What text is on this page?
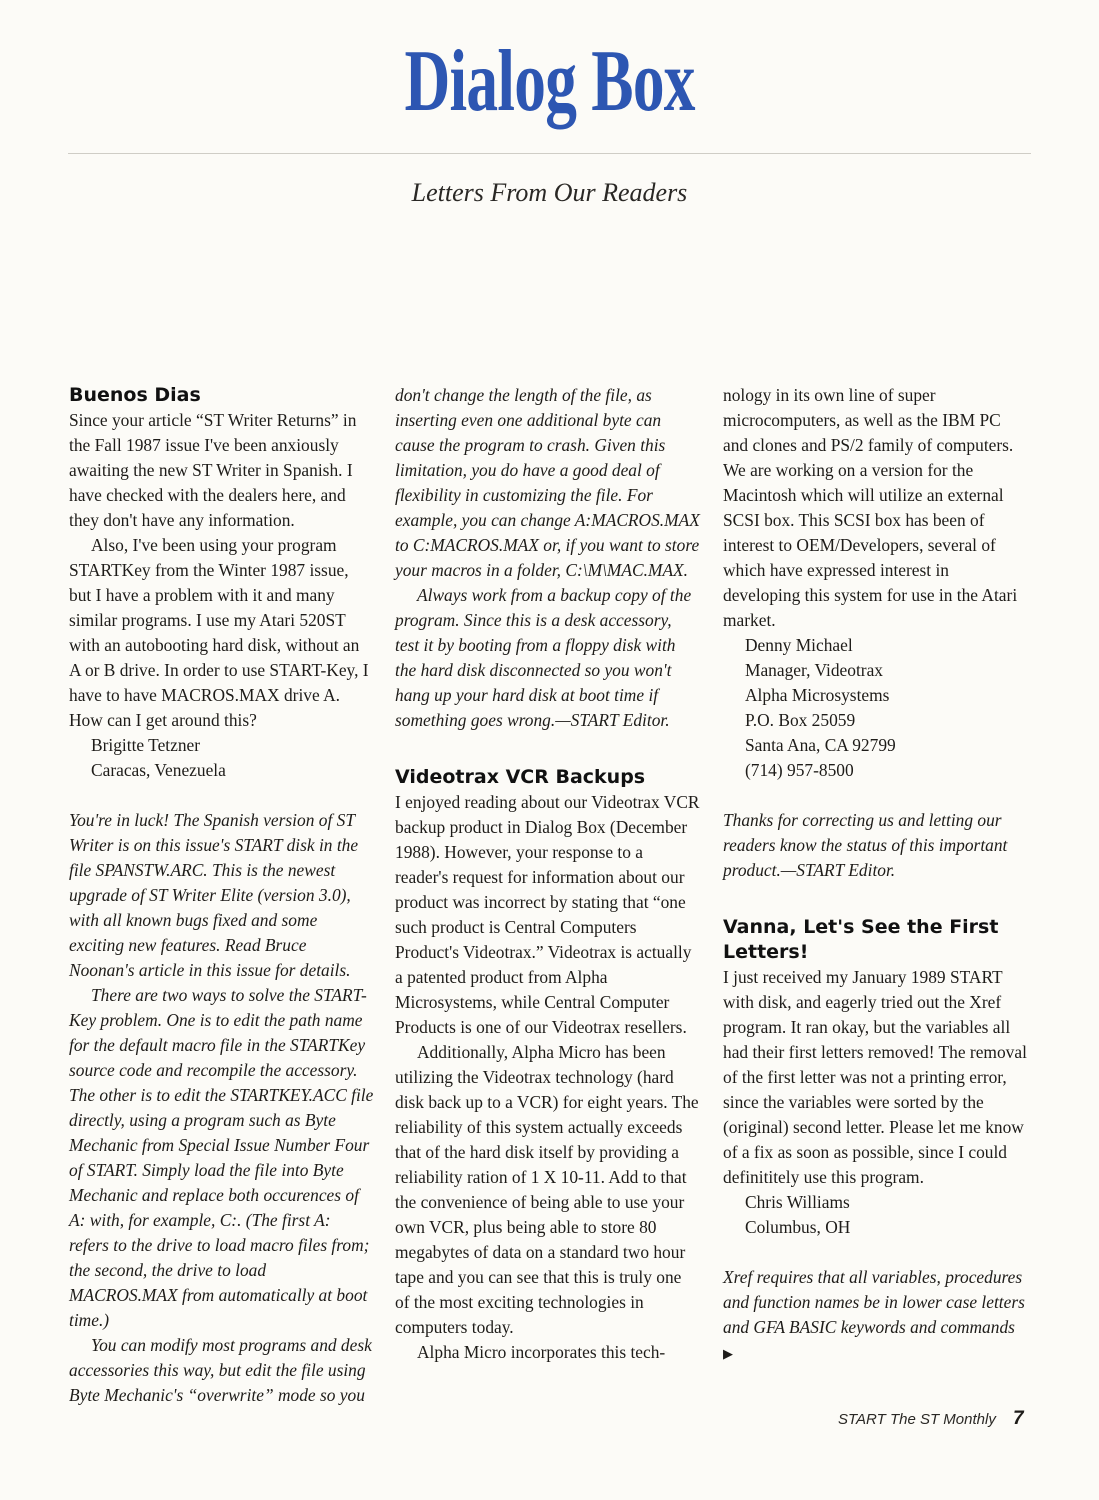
Dialog Box
Letters From Our Readers
Buenos Dias

Since your article “ST Writer Returns” in the Fall 1987 issue I've been anxiously awaiting the new ST Writer in Spanish. I have checked with the dealers here, and they don't have any information.

Also, I've been using your program STARTKey from the Winter 1987 issue, but I have a problem with it and many similar programs. I use my Atari 520ST with an autobooting hard disk, without an A or B drive. In order to use START-Key, I have to have MACROS.MAX drive A. How can I get around this?

Brigitte Tetzner
Caracas, Venezuela

You're in luck! The Spanish version of ST Writer is on this issue's START disk in the file SPANSTW.ARC. This is the newest upgrade of ST Writer Elite (version 3.0), with all known bugs fixed and some exciting new features. Read Bruce Noonan's article in this issue for details.

There are two ways to solve the START-Key problem. One is to edit the path name for the default macro file in the STARTKey source code and recompile the accessory. The other is to edit the STARTKEY.ACC file directly, using a program such as Byte Mechanic from Special Issue Number Four of START. Simply load the file into Byte Mechanic and replace both occurences of A: with, for example, C:. (The first A: refers to the drive to load macro files from; the second, the drive to load MACROS.MAX from automatically at boot time.)

You can modify most programs and desk accessories this way, but edit the file using Byte Mechanic's “overwrite” mode so you

don't change the length of the file, as inserting even one additional byte can cause the program to crash. Given this limitation, you do have a good deal of flexibility in customizing the file. For example, you can change A:MACROS.MAX to C:MACROS.MAX or, if you want to store your macros in a folder, C:\M\MAC.MAX.

Always work from a backup copy of the program. Since this is a desk accessory, test it by booting from a floppy disk with the hard disk disconnected so you won't hang up your hard disk at boot time if something goes wrong.—START Editor.

Videotrax VCR Backups

I enjoyed reading about our Videotrax VCR backup product in Dialog Box (December 1988). However, your response to a reader's request for information about our product was incorrect by stating that “one such product is Central Computers Product's Videotrax.” Videotrax is actually a patented product from Alpha Microsystems, while Central Computer Products is one of our Videotrax resellers.

Additionally, Alpha Micro has been utilizing the Videotrax technology (hard disk back up to a VCR) for eight years. The reliability of this system actually exceeds that of the hard disk itself by providing a reliability ration of 1 X 10-11. Add to that the convenience of being able to use your own VCR, plus being able to store 80 megabytes of data on a standard two hour tape and you can see that this is truly one of the most exciting technologies in computers today.

Alpha Micro incorporates this tech-

nology in its own line of super microcomputers, as well as the IBM PC and clones and PS/2 family of computers. We are working on a version for the Macintosh which will utilize an external SCSI box. This SCSI box has been of interest to OEM/Developers, several of which have expressed interest in developing this system for use in the Atari market.

Denny Michael
Manager, Videotrax
Alpha Microsystems
P.O. Box 25059
Santa Ana, CA 92799
(714) 957-8500

Thanks for correcting us and letting our readers know the status of this important product.—START Editor.

Vanna, Let's See the First Letters!

I just received my January 1989 START with disk, and eagerly tried out the Xref program. It ran okay, but the variables all had their first letters removed! The removal of the first letter was not a printing error, since the variables were sorted by the (original) second letter. Please let me know of a fix as soon as possible, since I could definititely use this program.

Chris Williams
Columbus, OH

Xref requires that all variables, procedures and function names be in lower case letters and GFA BASIC keywords and commands ▶

START The ST Monthly 7
